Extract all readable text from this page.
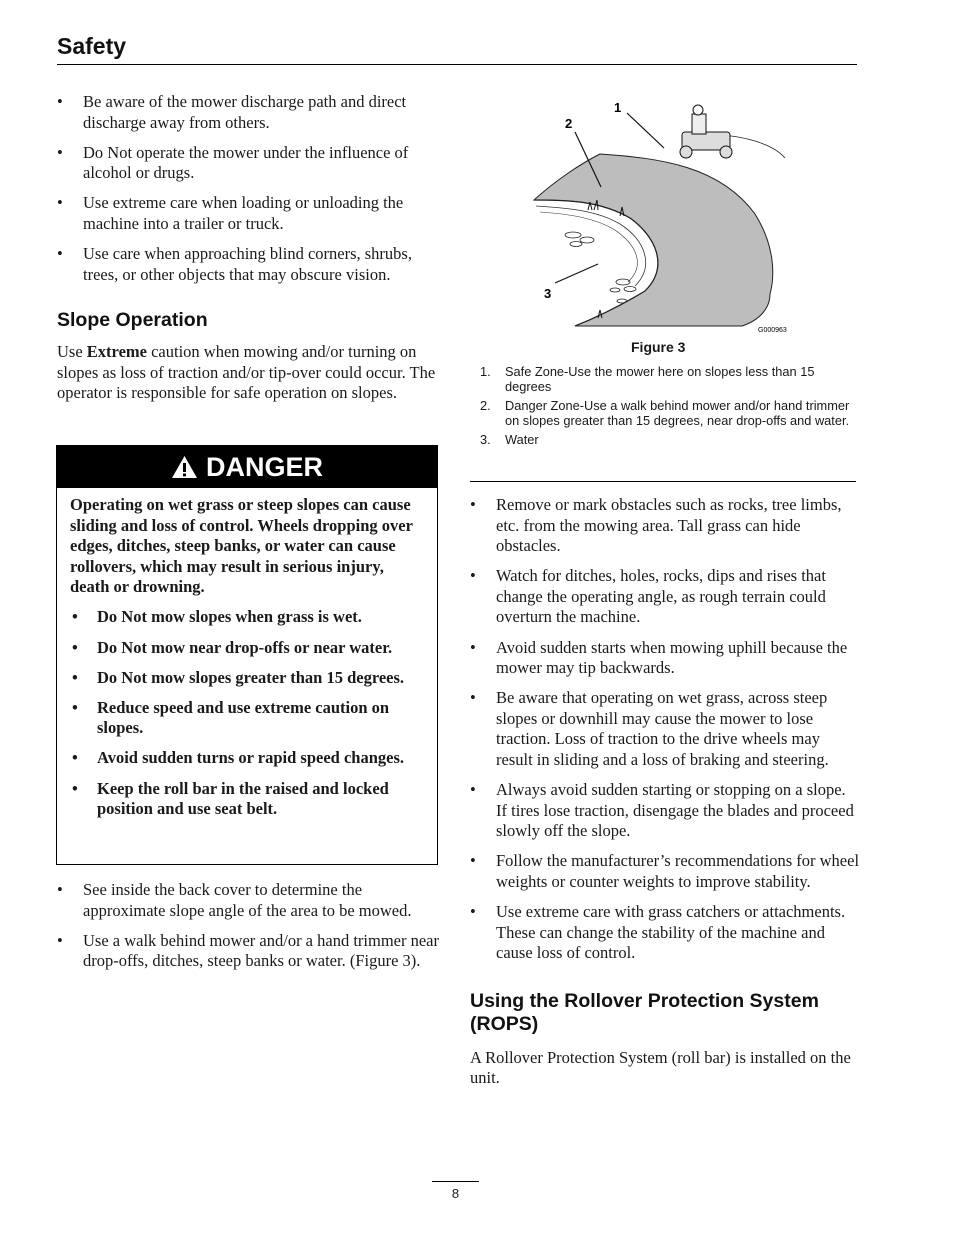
Safety
• Be aware of the mower discharge path and direct discharge away from others.
• Do Not operate the mower under the influence of alcohol or drugs.
• Use extreme care when loading or unloading the machine into a trailer or truck.
• Use care when approaching blind corners, shrubs, trees, or other objects that may obscure vision.
Slope Operation

Use Extreme caution when mowing and/or turning on slopes as loss of traction and/or tip-over could occur. The operator is responsible for safe operation on slopes.

DANGER

Operating on wet grass or steep slopes can cause sliding and loss of control. Wheels dropping over edges, ditches, steep banks, or water can cause rollovers, which may result in serious injury, death or drowning.

• Do Not mow slopes when grass is wet.
• Do Not mow near drop-offs or near water.
• Do Not mow slopes greater than 15 degrees.
• Reduce speed and use extreme caution on slopes.
• Avoid sudden turns or rapid speed changes.
• Keep the roll bar in the raised and locked position and use seat belt.
• See inside the back cover to determine the approximate slope angle of the area to be mowed.
• Use a walk behind mower and/or a hand trimmer near drop-offs, ditches, steep banks or water. (Figure 3).
1
2
3
G000963
Figure 3
1. Safe Zone-Use the mower here on slopes less than 15 degrees
2. Danger Zone-Use a walk behind mower and/or hand trimmer on slopes greater than 15 degrees, near drop-offs and water.
3. Water
• Remove or mark obstacles such as rocks, tree limbs, etc. from the mowing area. Tall grass can hide obstacles.
• Watch for ditches, holes, rocks, dips and rises that change the operating angle, as rough terrain could overturn the machine.
• Avoid sudden starts when mowing uphill because the mower may tip backwards.
• Be aware that operating on wet grass, across steep slopes or downhill may cause the mower to lose traction. Loss of traction to the drive wheels may result in sliding and a loss of braking and steering.
• Always avoid sudden starting or stopping on a slope. If tires lose traction, disengage the blades and proceed slowly off the slope.
• Follow the manufacturer’s recommendations for wheel weights or counter weights to improve stability.
• Use extreme care with grass catchers or attachments. These can change the stability of the machine and cause loss of control.
Using the Rollover Protection System (ROPS)

A Rollover Protection System (roll bar) is installed on the unit.

8
